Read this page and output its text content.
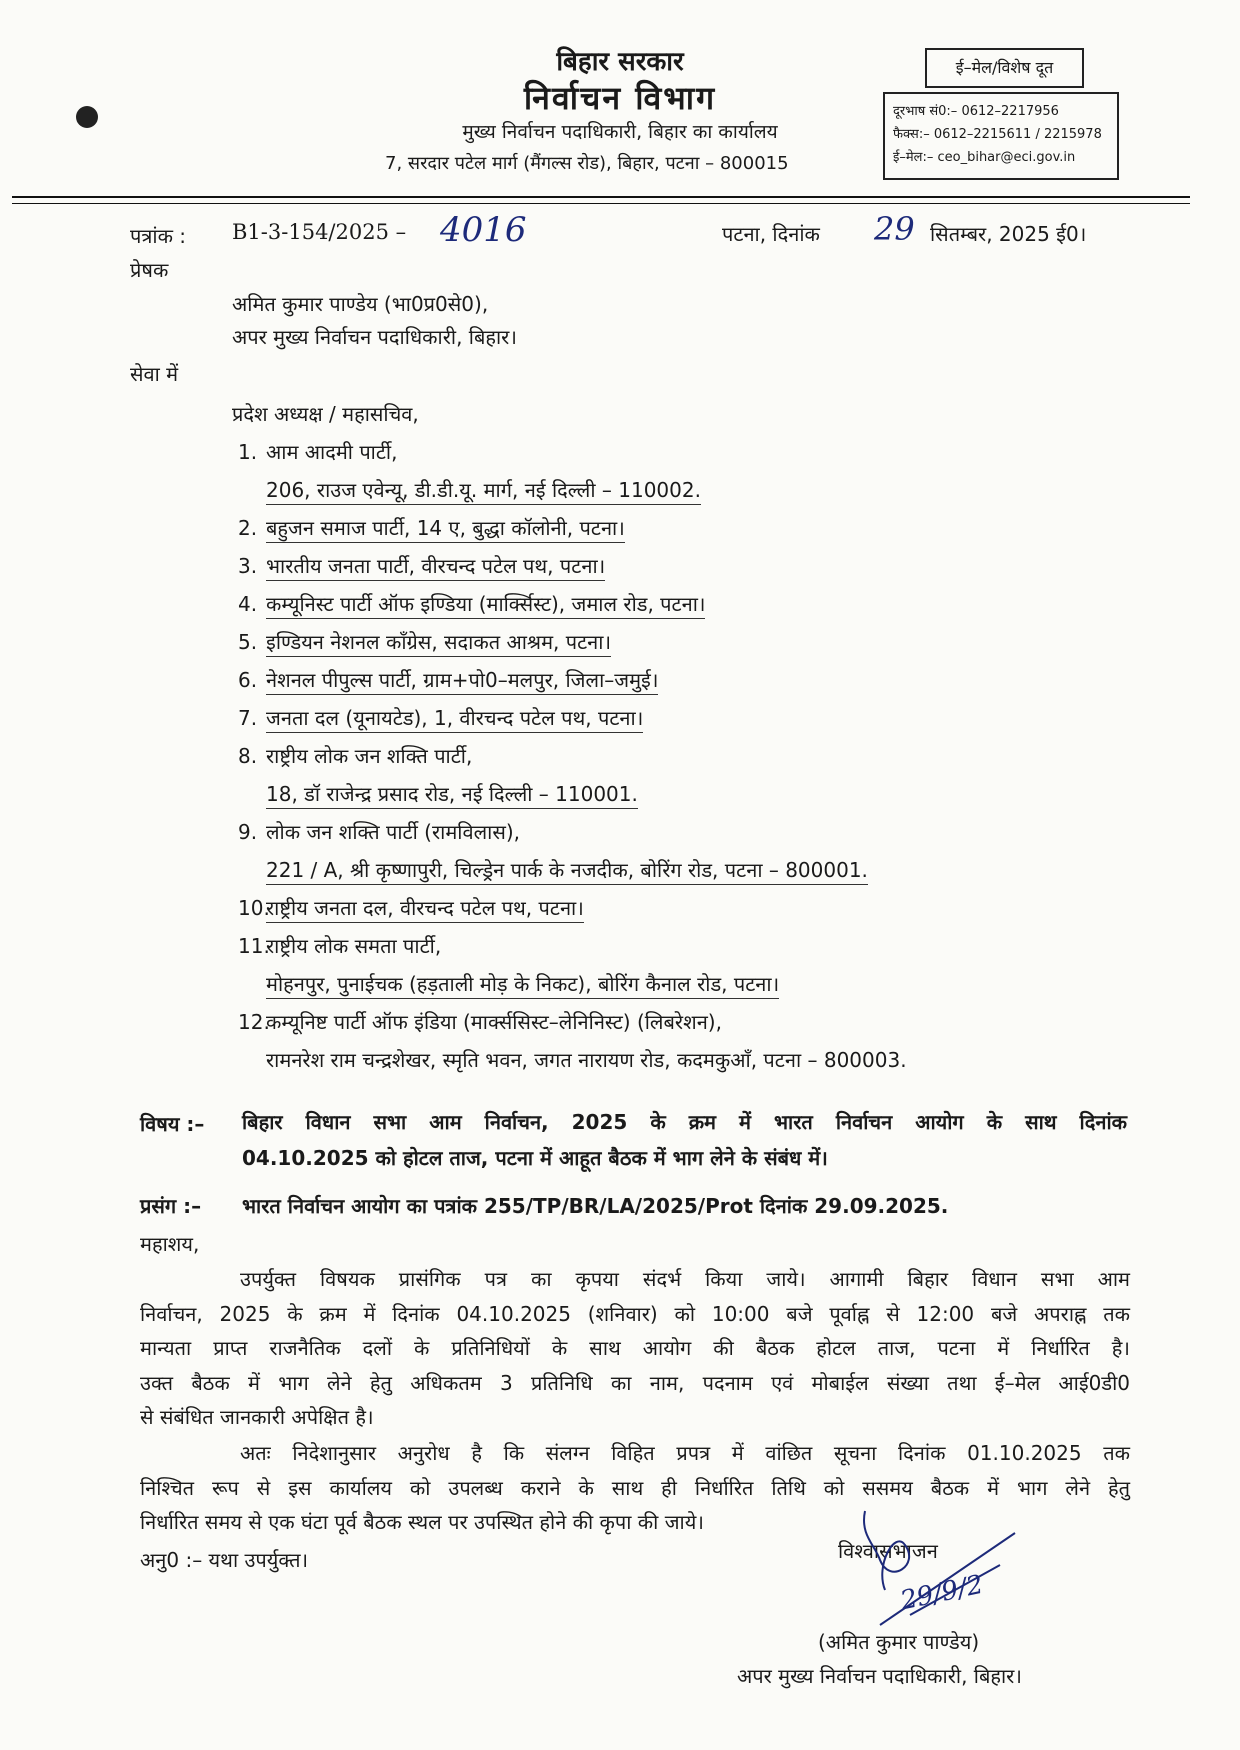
बिहार सरकार
निर्वाचन विभाग
मुख्य निर्वाचन पदाधिकारी, बिहार का कार्यालय
7, सरदार पटेल मार्ग (मैंगल्स रोड), बिहार, पटना – 800015
ई–मेल/विशेष दूत
दूरभाष सं0:– 0612–2217956
फैक्स:– 0612–2215611 / 2215978
ई–मेल:– ceo_bihar@eci.gov.in
पत्रांक : B1-3-154/2025 – 4016	पटना, दिनांक 29 सितम्बर, 2025 ई0।
प्रेषक
अमित कुमार पाण्डेय (भा0प्र0से0),
अपर मुख्य निर्वाचन पदाधिकारी, बिहार।
सेवा में
प्रदेश अध्यक्ष / महासचिव,
1. आम आदमी पार्टी,
206, राउज एवेन्यू, डी.डी.यू. मार्ग, नई दिल्ली – 110002.
2. बहुजन समाज पार्टी, 14 ए, बुद्धा कॉलोनी, पटना।
3. भारतीय जनता पार्टी, वीरचन्द पटेल पथ, पटना।
4. कम्यूनिस्ट पार्टी ऑफ इण्डिया (मार्क्सिस्ट), जमाल रोड, पटना।
5. इण्डियन नेशनल कॉंग्रेस, सदाकत आश्रम, पटना।
6. नेशनल पीपुल्स पार्टी, ग्राम+पो0–मलपुर, जिला–जमुई।
7. जनता दल (यूनायटेड), 1, वीरचन्द पटेल पथ, पटना।
8. राष्ट्रीय लोक जन शक्ति पार्टी,
18, डॉ राजेन्द्र प्रसाद रोड, नई दिल्ली – 110001.
9. लोक जन शक्ति पार्टी (रामविलास),
221 / A, श्री कृष्णापुरी, चिल्ड्रेन पार्क के नजदीक, बोरिंग रोड, पटना – 800001.
10.राष्ट्रीय जनता दल, वीरचन्द पटेल पथ, पटना।
11.राष्ट्रीय लोक समता पार्टी,
मोहनपुर, पुनाईचक (हड़ताली मोड़ के निकट), बोरिंग कैनाल रोड, पटना।
12.कम्यूनिष्ट पार्टी ऑफ इंडिया (मार्क्ससिस्ट–लेनिनिस्ट) (लिबरेशन),
रामनरेश राम चन्द्रशेखर, स्मृति भवन, जगत नारायण रोड, कदमकुआँ, पटना – 800003.
विषय :– बिहार विधान सभा आम निर्वाचन, 2025 के क्रम में भारत निर्वाचन आयोग के साथ दिनांक
04.10.2025 को होटल ताज, पटना में आहूत बैठक में भाग लेने के संबंध में।
प्रसंग :– भारत निर्वाचन आयोग का पत्रांक 255/TP/BR/LA/2025/Prot दिनांक 29.09.2025.
महाशय,
उपर्युक्त विषयक प्रासंगिक पत्र का कृपया संदर्भ किया जाये। आगामी बिहार विधान सभा आम
निर्वाचन, 2025 के क्रम में दिनांक 04.10.2025 (शनिवार) को 10:00 बजे पूर्वाह्न से 12:00 बजे अपराह्न तक
मान्यता प्राप्त राजनैतिक दलों के प्रतिनिधियों के साथ आयोग की बैठक होटल ताज, पटना में निर्धारित है।
उक्त बैठक में भाग लेने हेतु अधिकतम 3 प्रतिनिधि का नाम, पदनाम एवं मोबाईल संख्या तथा ई–मेल आई0डी0
से संबंधित जानकारी अपेक्षित है।
अतः निदेशानुसार अनुरोध है कि संलग्न विहित प्रपत्र में वांछित सूचना दिनांक 01.10.2025 तक
निश्चित रूप से इस कार्यालय को उपलब्ध कराने के साथ ही निर्धारित तिथि को ससमय बैठक में भाग लेने हेतु
निर्धारित समय से एक घंटा पूर्व बैठक स्थल पर उपस्थित होने की कृपा की जाये।
अनु0 :– यथा उपर्युक्त।	विश्वासभाजन
29/9/2
(अमित कुमार पाण्डेय)
अपर मुख्य निर्वाचन पदाधिकारी, बिहार।
